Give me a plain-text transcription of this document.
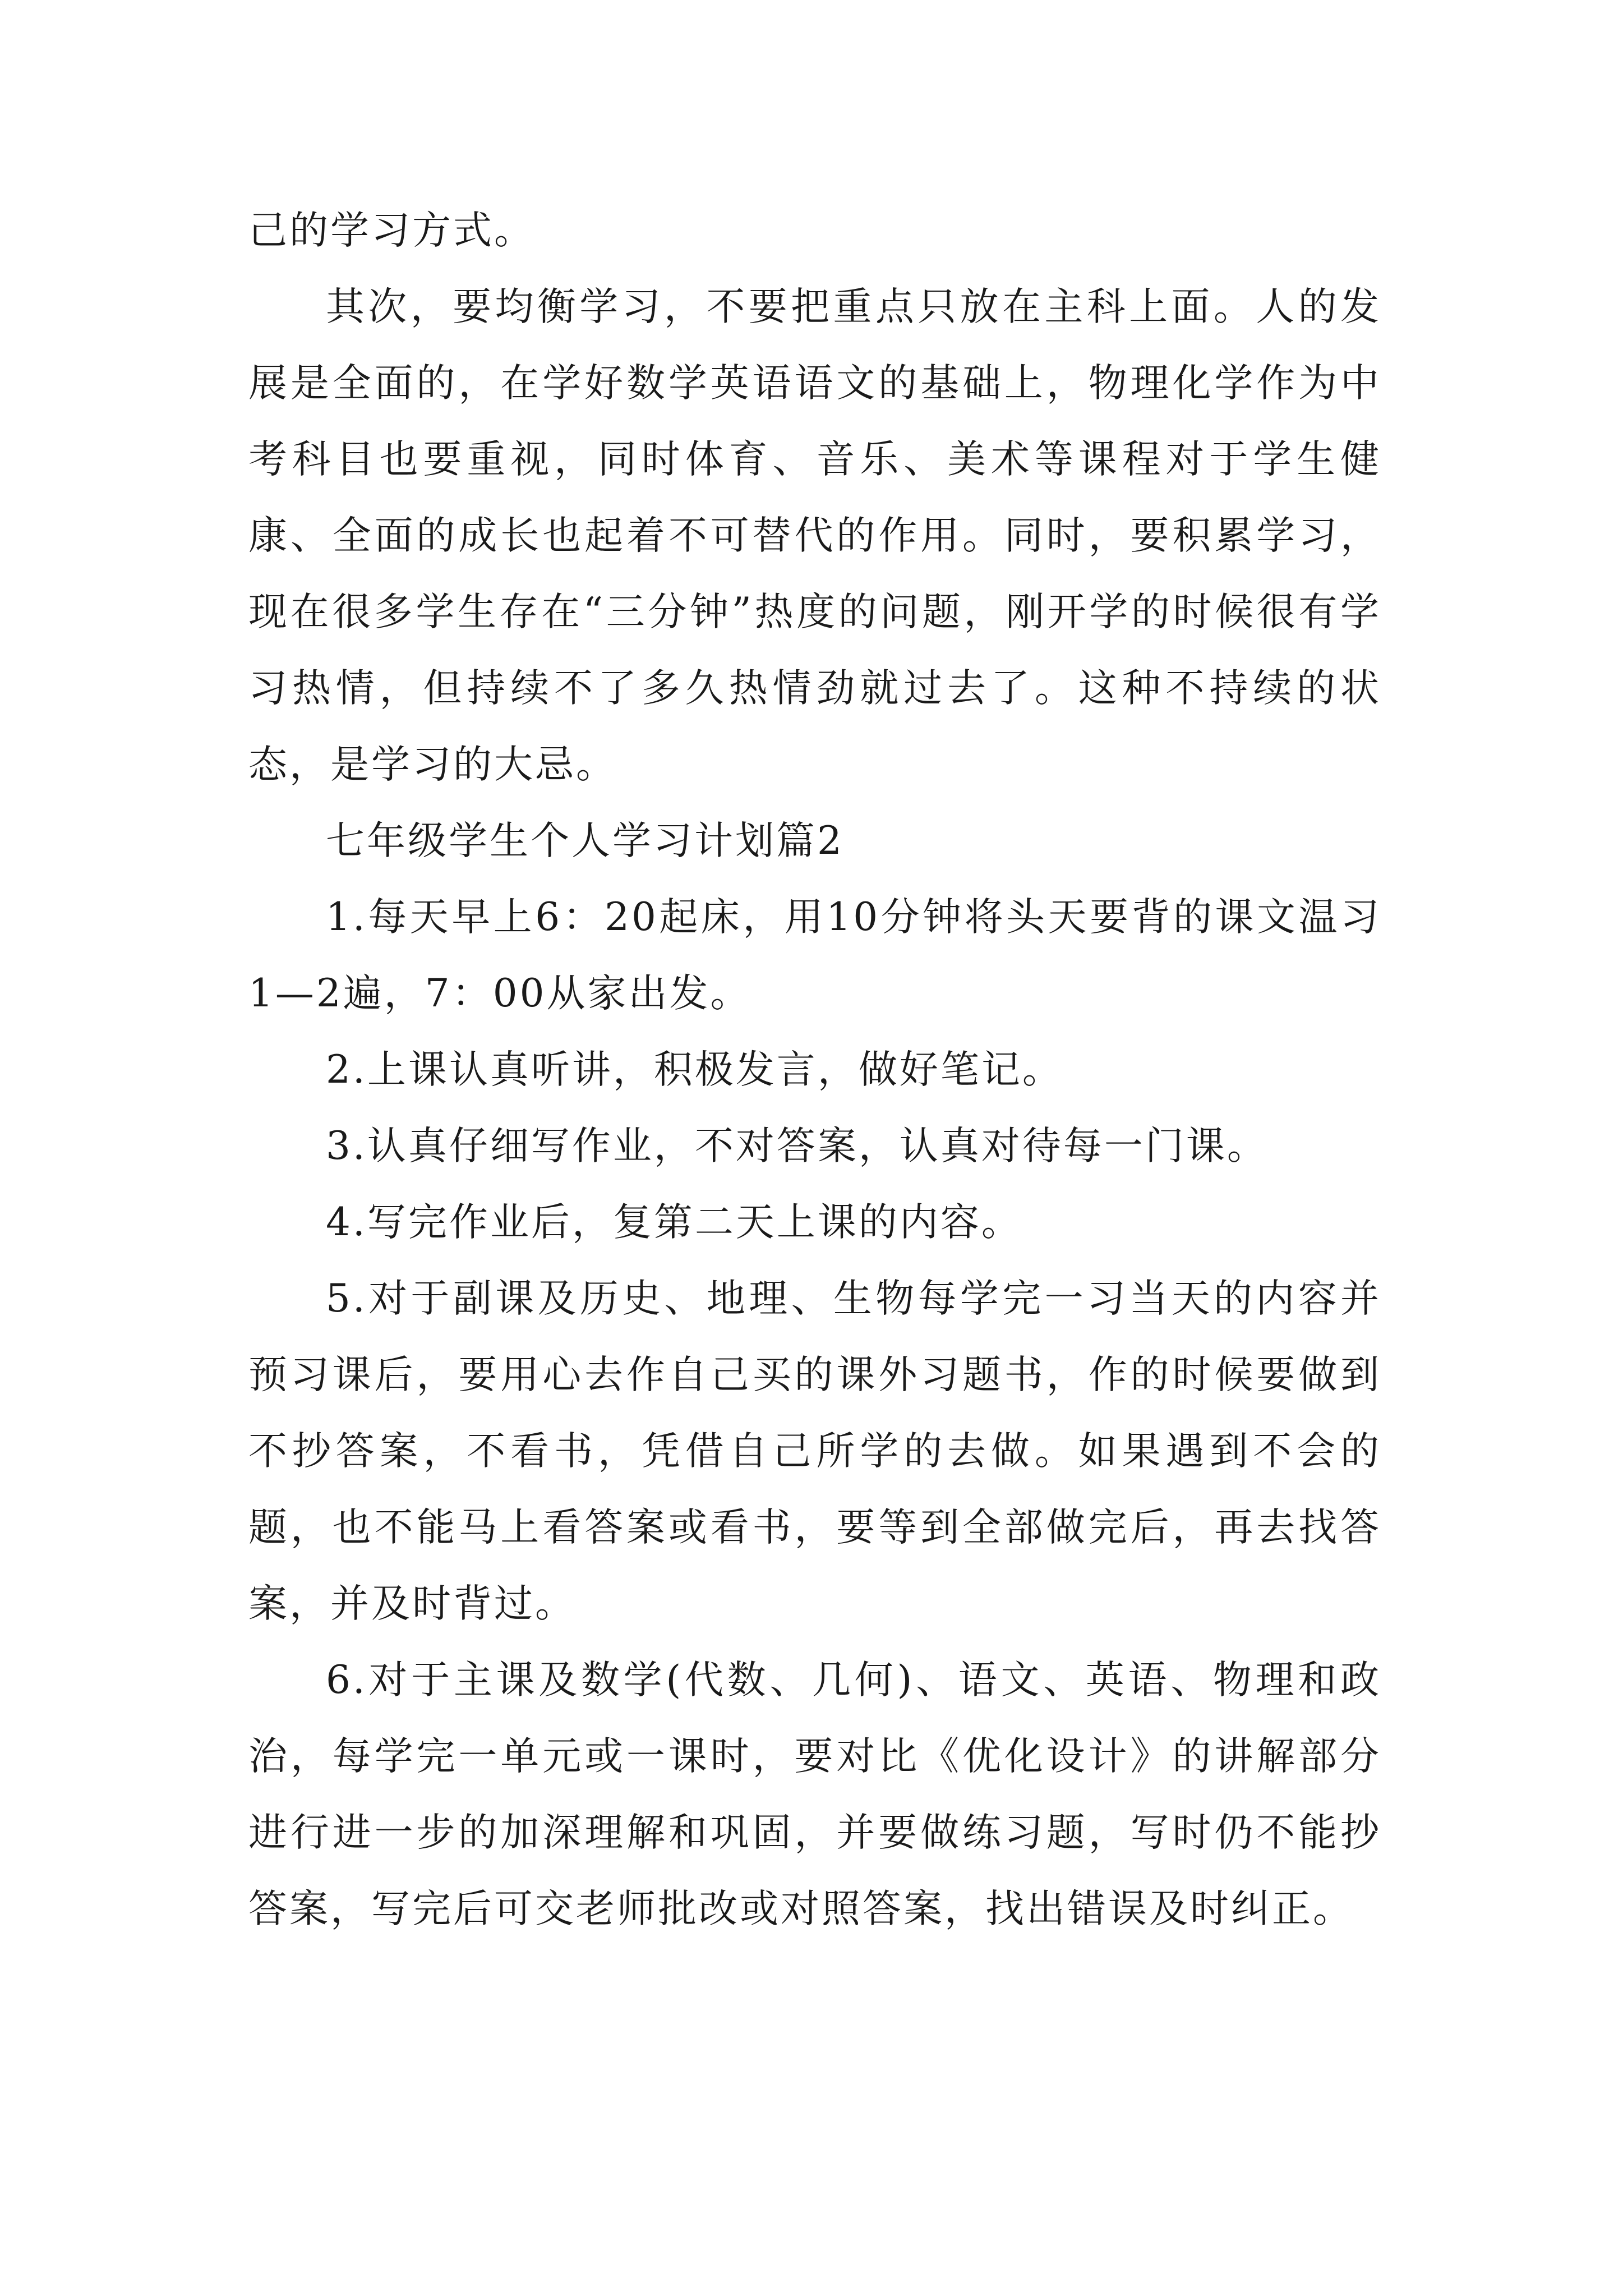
己的学习方式。

其次，要均衡学习，不要把重点只放在主科上面。人的发展是全面的，在学好数学英语语文的基础上，物理化学作为中考科目也要重视，同时体育、音乐、美术等课程对于学生健康、全面的成长也起着不可替代的作用。同时，要积累学习，现在很多学生存在“三分钟”热度的问题，刚开学的时候很有学习热情，但持续不了多久热情劲就过去了。这种不持续的状态，是学习的大忌。

七年级学生个人学习计划篇2

1.每天早上6：20起床，用10分钟将头天要背的课文温习1—2遍，7：00从家出发。

2.上课认真听讲，积极发言，做好笔记。

3.认真仔细写作业，不对答案，认真对待每一门课。

4.写完作业后，复第二天上课的内容。

5.对于副课及历史、地理、生物每学完一习当天的内容并预习课后，要用心去作自己买的课外习题书，作的时候要做到不抄答案，不看书，凭借自己所学的去做。如果遇到不会的题，也不能马上看答案或看书，要等到全部做完后，再去找答案，并及时背过。

6.对于主课及数学(代数、几何)、语文、英语、物理和政治，每学完一单元或一课时，要对比《优化设计》的讲解部分进行进一步的加深理解和巩固，并要做练习题，写时仍不能抄答案，写完后可交老师批改或对照答案，找出错误及时纠正。
